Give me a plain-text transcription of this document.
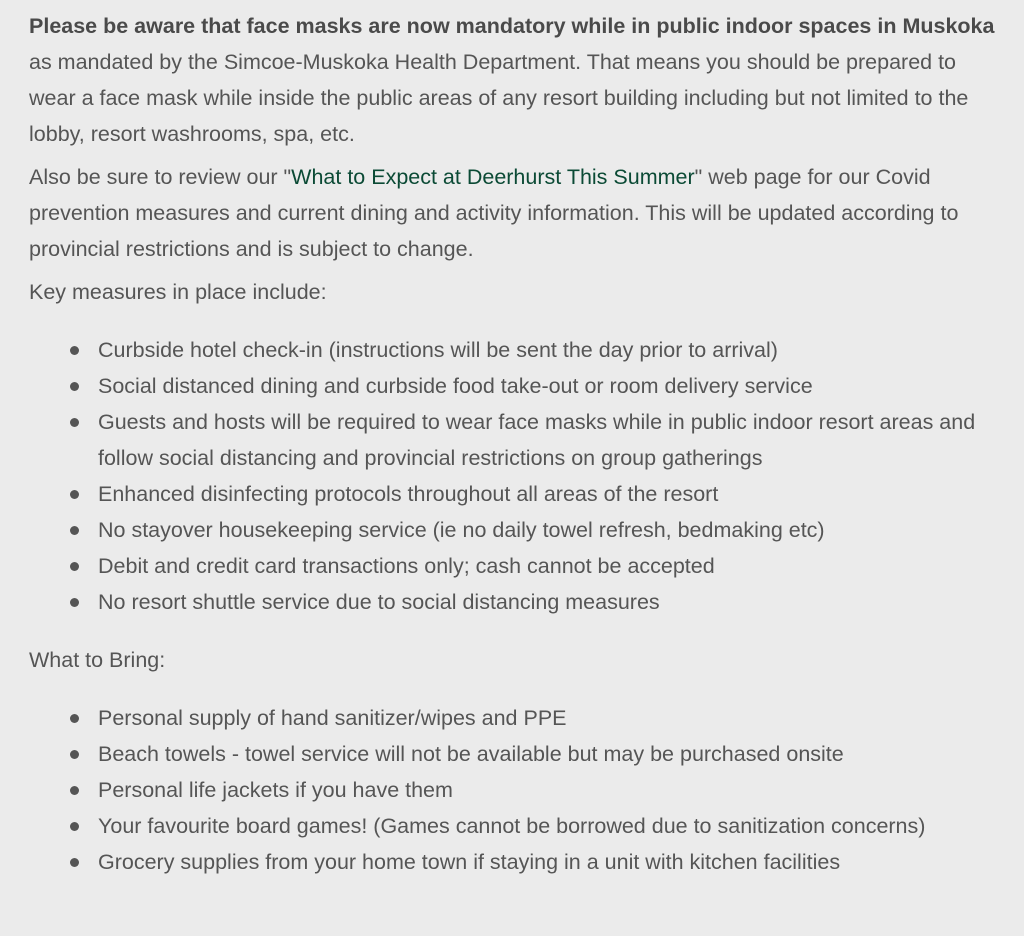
Please be aware that face masks are now mandatory while in public indoor spaces in Muskoka as mandated by the Simcoe-Muskoka Health Department. That means you should be prepared to wear a face mask while inside the public areas of any resort building including but not limited to the lobby, resort washrooms, spa, etc.

Also be sure to review our "What to Expect at Deerhurst This Summer" web page for our Covid prevention measures and current dining and activity information. This will be updated according to provincial restrictions and is subject to change.

Key measures in place include:

Curbside hotel check-in (instructions will be sent the day prior to arrival)
Social distanced dining and curbside food take-out or room delivery service
Guests and hosts will be required to wear face masks while in public indoor resort areas and follow social distancing and provincial restrictions on group gatherings
Enhanced disinfecting protocols throughout all areas of the resort
No stayover housekeeping service (ie no daily towel refresh, bedmaking etc)
Debit and credit card transactions only; cash cannot be accepted
No resort shuttle service due to social distancing measures

What to Bring:

Personal supply of hand sanitizer/wipes and PPE
Beach towels - towel service will not be available but may be purchased onsite
Personal life jackets if you have them
Your favourite board games! (Games cannot be borrowed due to sanitization concerns)
Grocery supplies from your home town if staying in a unit with kitchen facilities
